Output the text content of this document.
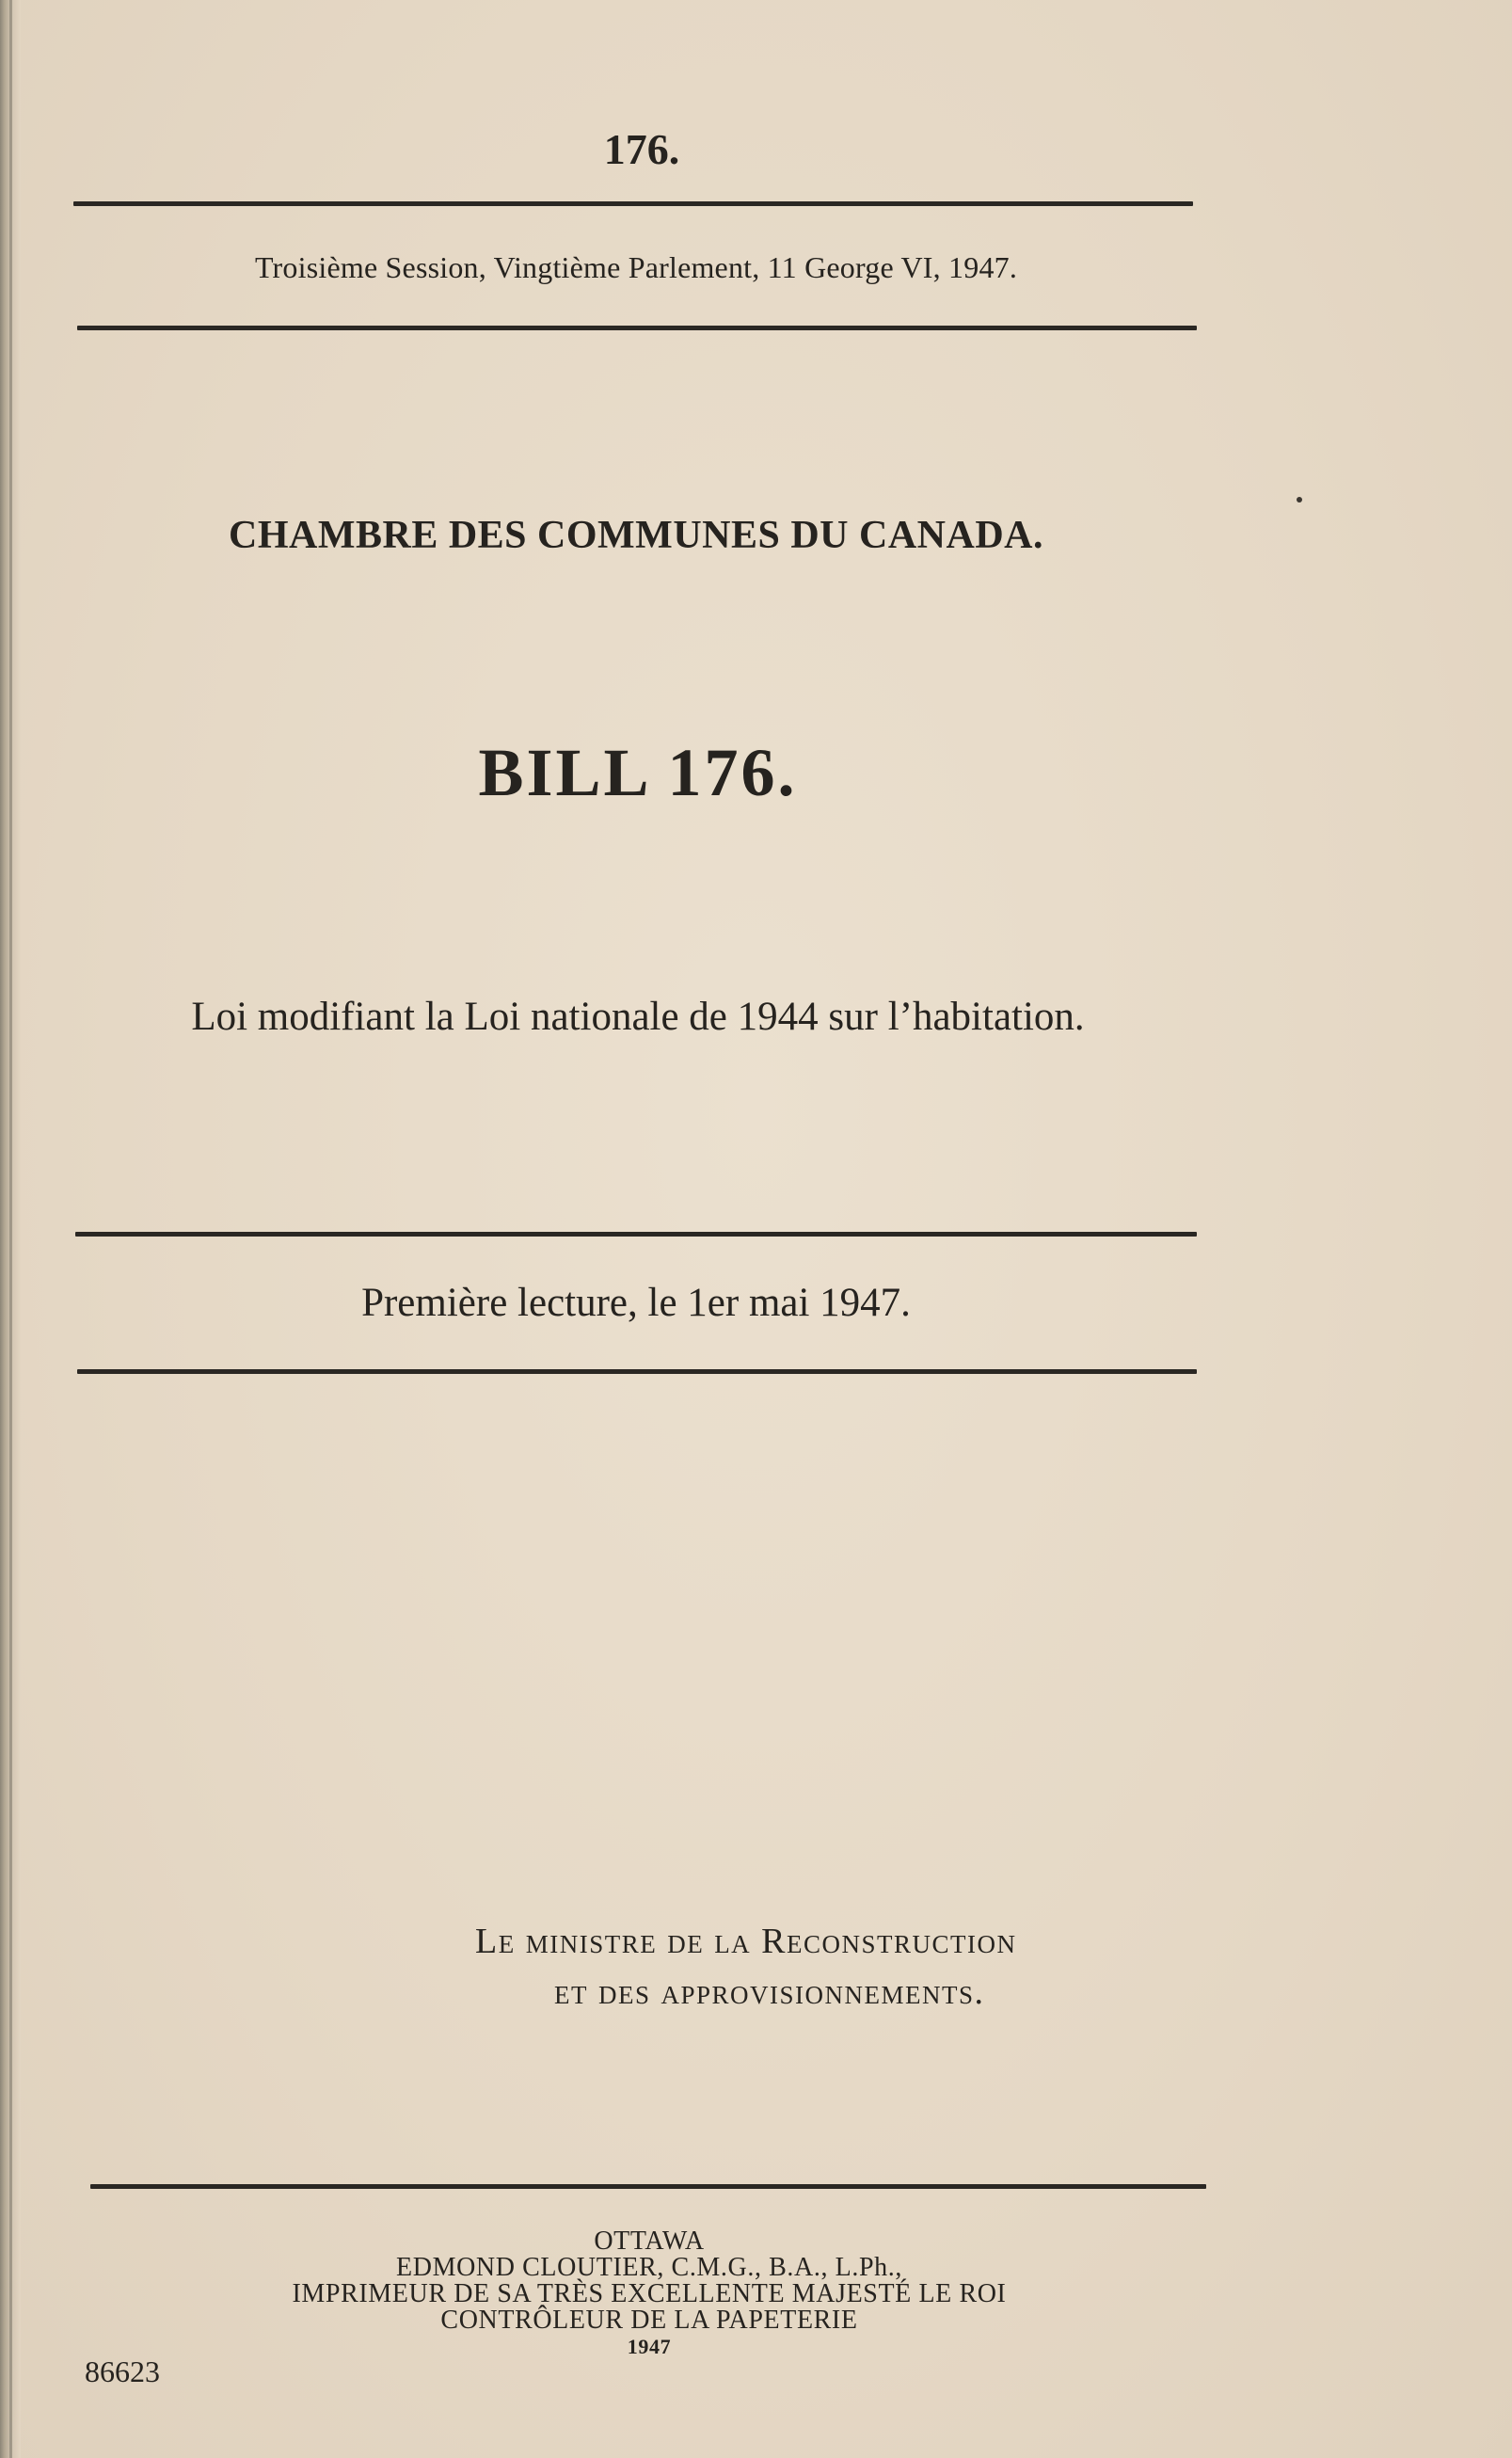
176.
Troisième Session, Vingtième Parlement, 11 George VI, 1947.
CHAMBRE DES COMMUNES DU CANADA.
BILL 176.
Loi modifiant la Loi nationale de 1944 sur l’habitation.
Première lecture, le 1er mai 1947.
Le ministre de la Reconstruction
et des approvisionnements.
OTTAWA
EDMOND CLOUTIER, C.M.G., B.A., L.Ph.,
IMPRIMEUR DE SA TRÈS EXCELLENTE MAJESTÉ LE ROI
CONTRÔLEUR DE LA PAPETERIE
1947
86623
